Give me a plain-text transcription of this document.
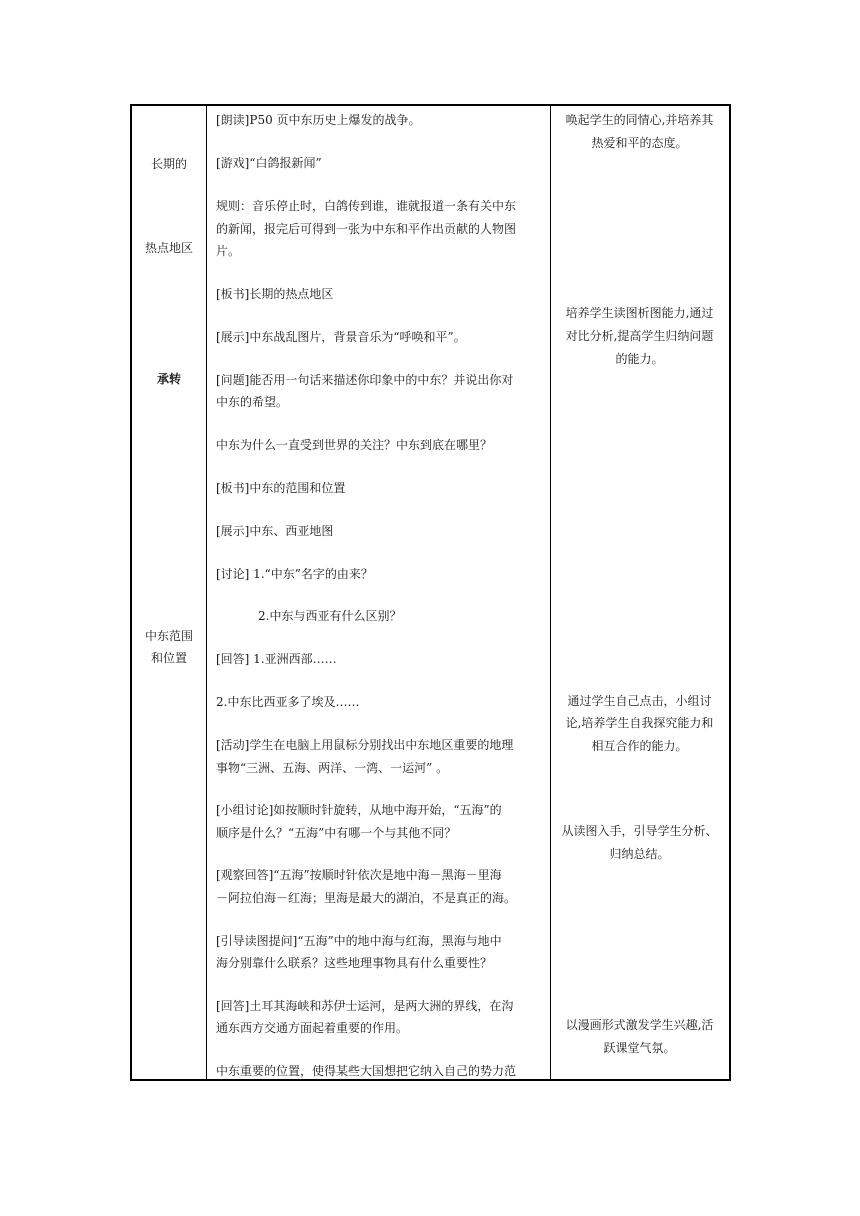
长期的
热点地区
承转
中东范围
和位置
[朗读]P50 页中东历史上爆发的战争。
[游戏]“白鸽报新闻”
规则：音乐停止时，白鸽传到谁，谁就报道一条有关中东
的新闻，报完后可得到一张为中东和平作出贡献的人物图
片。
[板书]长期的热点地区
[展示]中东战乱图片，背景音乐为“呼唤和平”。
[问题]能否用一句话来描述你印象中的中东？并说出你对
中东的希望。
中东为什么一直受到世界的关注？中东到底在哪里？
[板书]中东的范围和位置
[展示]中东、西亚地图
[讨论] 1.“中东”名字的由来？
2.中东与西亚有什么区别？
[回答] 1.亚洲西部……
2.中东比西亚多了埃及……
[活动]学生在电脑上用鼠标分别找出中东地区重要的地理
事物“三洲、五海、两洋、一湾、一运河” 。
[小组讨论]如按顺时针旋转，从地中海开始，“五海”的
顺序是什么？“五海”中有哪一个与其他不同？
[观察回答]“五海”按顺时针依次是地中海－黑海－里海
－阿拉伯海－红海；里海是最大的湖泊，不是真正的海。
[引导读图提问]“五海”中的地中海与红海，黑海与地中
海分别靠什么联系？这些地理事物具有什么重要性？
[回答]土耳其海峡和苏伊士运河，是两大洲的界线，在沟
通东西方交通方面起着重要的作用。
中东重要的位置，使得某些大国想把它纳入自己的势力范
唤起学生的同情心,并培养其
热爱和平的态度。
培养学生读图析图能力,通过
对比分析,提高学生归纳问题
的能力。
通过学生自己点击，小组讨
论,培养学生自我探究能力和
相互合作的能力。
从读图入手，引导学生分析、
归纳总结。
以漫画形式激发学生兴趣,活
跃课堂气氛。
